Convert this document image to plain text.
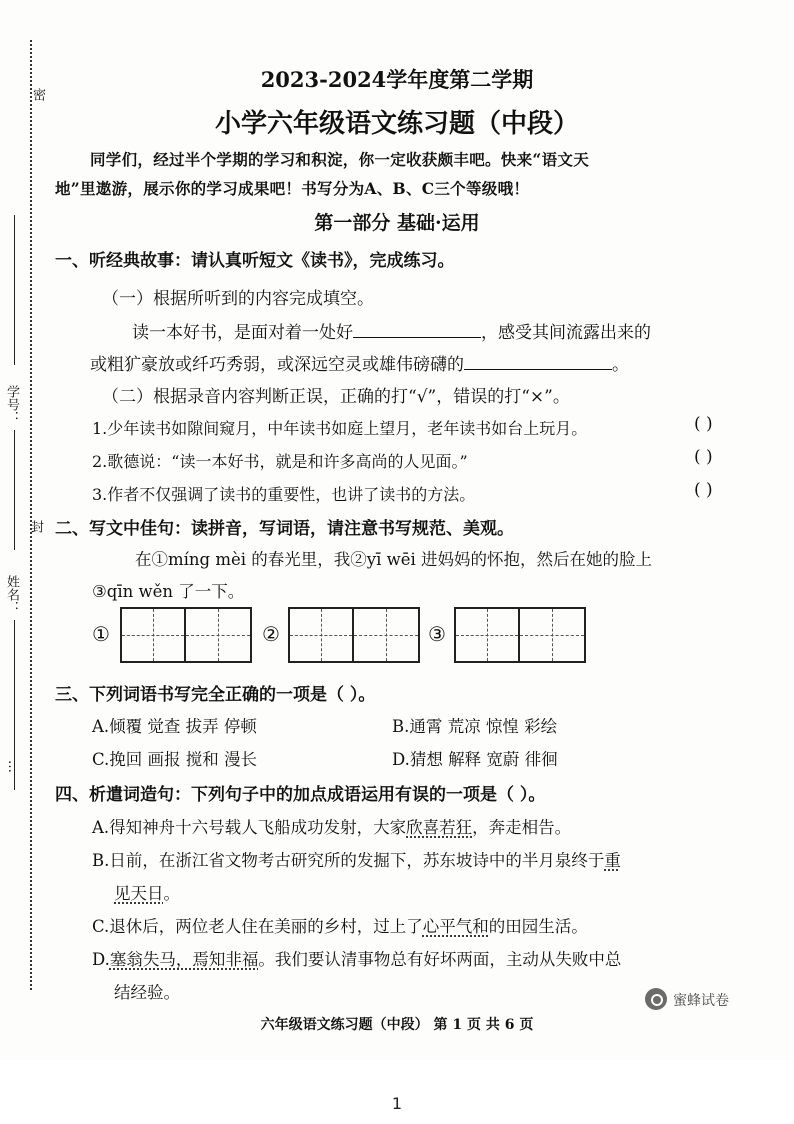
密
学号：
封
姓名：
…
2023-2024学年度第二学期
小学六年级语文练习题（中段）
同学们，经过半个学期的学习和积淀，你一定收获颇丰吧。快来“语文天
地”里遨游，展示你的学习成果吧！书写分为A、B、C三个等级哦！
第一部分 基础·运用
一、听经典故事：请认真听短文《读书》，完成练习。
（一）根据所听到的内容完成填空。
读一本好书，是面对着一处好	，感受其间流露出来的
或粗犷豪放或纤巧秀弱，或深远空灵或雄伟磅礴的	。
（二）根据录音内容判断正误，正确的打“√”，错误的打“×”。
1.少年读书如隙间窥月，中年读书如庭上望月，老年读书如台上玩月。	( )
2.歌德说：“读一本好书，就是和许多高尚的人见面。”	( )
3.作者不仅强调了读书的重要性，也讲了读书的方法。	( )
二、写文中佳句：读拼音，写词语，请注意书写规范、美观。
在①míng mèi 的春光里，我②yī wēi 进妈妈的怀抱，然后在她的脸上
③qīn wěn 了一下。
①	②	③
三、下列词语书写完全正确的一项是（ ）。
A.倾覆 觉查 拔弄 停顿	B.通霄 荒凉 惊惶 彩绘
C.挽回 画报 搅和 漫长	D.猜想 解释 宽蔚 徘徊
四、析遣词造句：下列句子中的加点成语运用有误的一项是（ ）。
A.得知神舟十六号载人飞船成功发射，大家欣喜若狂，奔走相告。
B.日前，在浙江省文物考古研究所的发掘下，苏东坡诗中的半月泉终于重
见天日。
C.退休后，两位老人住在美丽的乡村，过上了心平气和的田园生活。
D.塞翁失马，焉知非福。我们要认清事物总有好坏两面，主动从失败中总
结经验。	蜜蜂试卷
六年级语文练习题（中段） 第 1 页 共 6 页
1
